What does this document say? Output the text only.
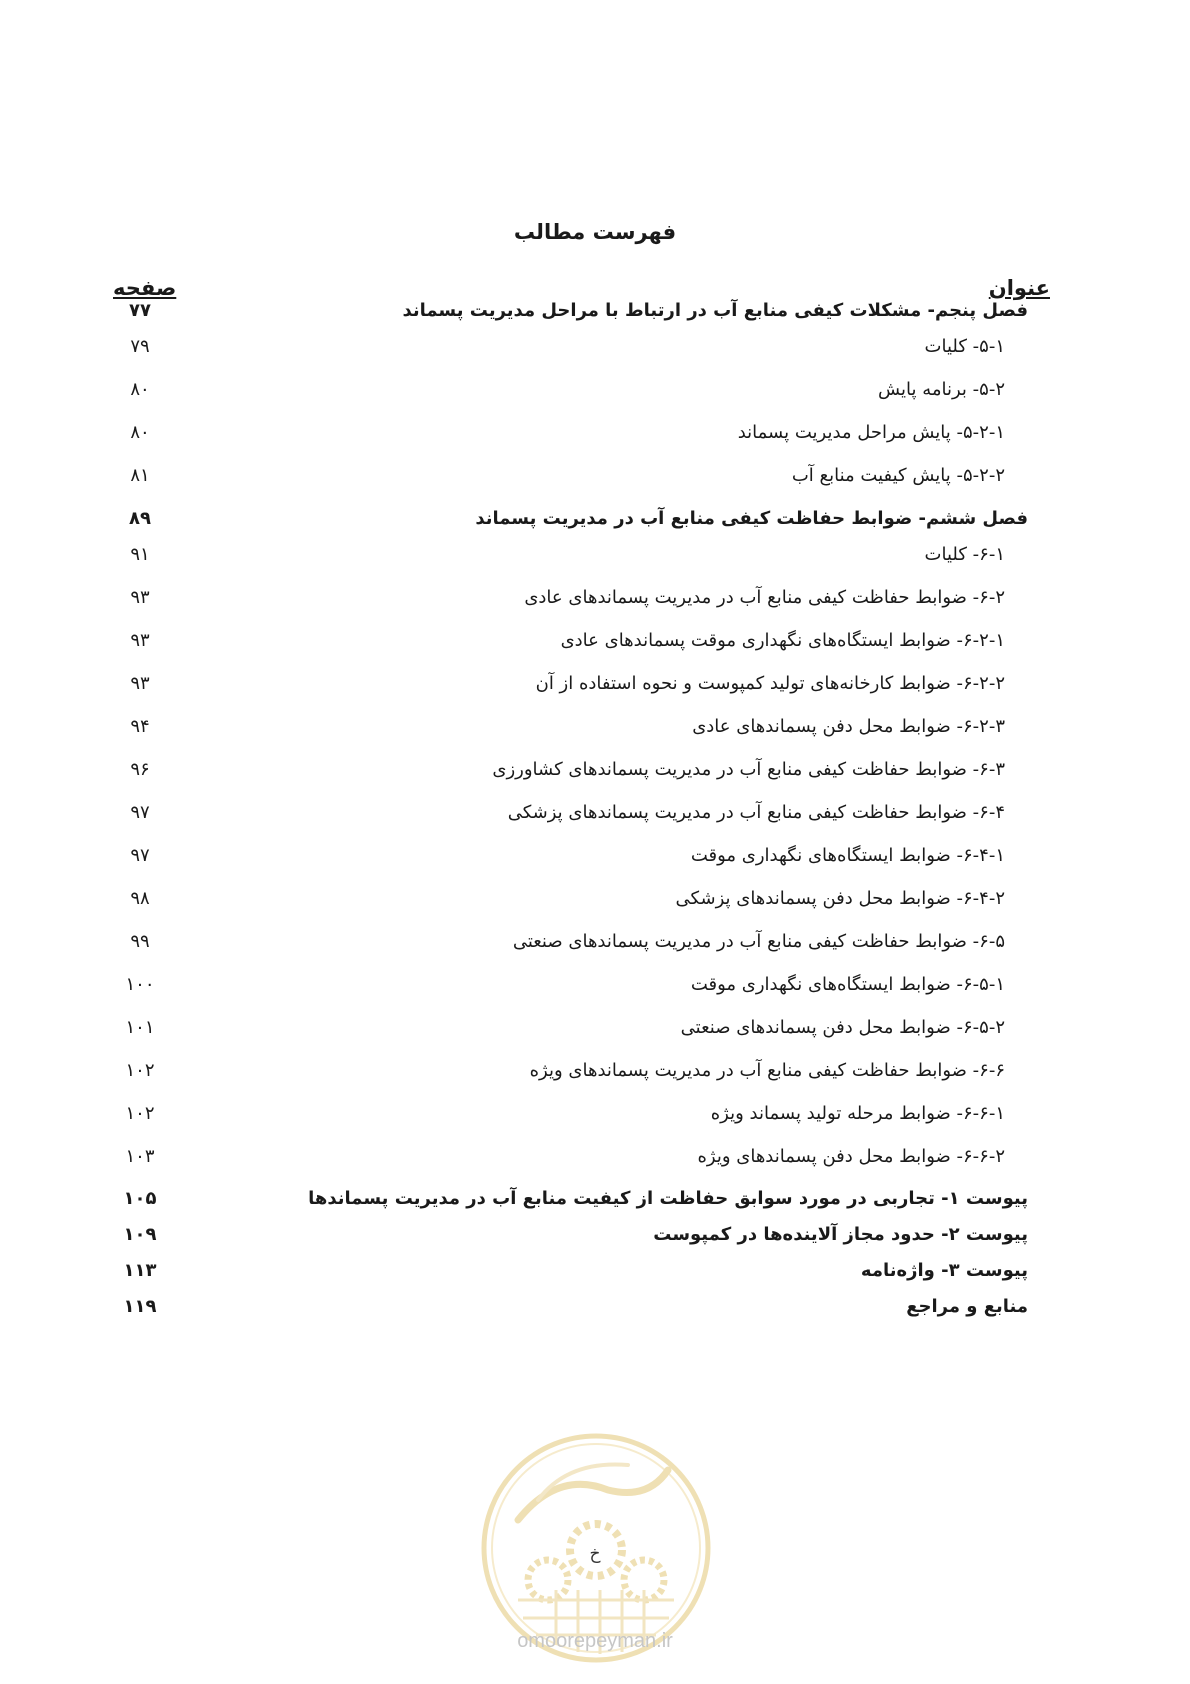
فهرست مطالب
عنوان
صفحه
فصل پنجم- مشکلات کیفی منابع آب در ارتباط با مراحل مدیریت پسماند
۷۷
۵-۱- کلیات
۷۹
۵-۲- برنامه پایش
۸۰
۵-۲-۱- پایش مراحل مدیریت پسماند
۸۰
۵-۲-۲- پایش کیفیت منابع آب
۸۱
فصل ششم- ضوابط حفاظت کیفی منابع آب در مدیریت پسماند
۸۹
۶-۱- کلیات
۹۱
۶-۲- ضوابط حفاظت کیفی منابع آب در مدیریت پسماندهای عادی
۹۳
۶-۲-۱- ضوابط ایستگاه‌های نگهداری موقت پسماندهای عادی
۹۳
۶-۲-۲- ضوابط کارخانه‌های تولید کمپوست و نحوه استفاده از آن
۹۳
۶-۲-۳- ضوابط محل دفن پسماندهای عادی
۹۴
۶-۳- ضوابط حفاظت کیفی منابع آب در مدیریت پسماندهای کشاورزی
۹۶
۶-۴- ضوابط حفاظت کیفی منابع آب در مدیریت پسماندهای پزشکی
۹۷
۶-۴-۱- ضوابط ایستگاه‌های نگهداری موقت
۹۷
۶-۴-۲- ضوابط محل دفن پسماندهای پزشکی
۹۸
۶-۵- ضوابط حفاظت کیفی منابع آب در مدیریت پسماندهای صنعتی
۹۹
۶-۵-۱- ضوابط ایستگاه‌های نگهداری موقت
۱۰۰
۶-۵-۲- ضوابط محل دفن پسماندهای صنعتی
۱۰۱
۶-۶- ضوابط حفاظت کیفی منابع آب در مدیریت پسماندهای ویژه
۱۰۲
۶-۶-۱- ضوابط مرحله تولید پسماند ویژه
۱۰۲
۶-۶-۲- ضوابط محل دفن پسماندهای ویژه
۱۰۳
پیوست ۱- تجاربی در مورد سوابق حفاظت از کیفیت منابع آب در مدیریت پسماندها
۱۰۵
پیوست ۲- حدود مجاز آلاینده‌ها در کمپوست
۱۰۹
پیوست ۳- واژه‌نامه
۱۱۳
منابع و مراجع
۱۱۹
خ
omoorepeyman.ir
